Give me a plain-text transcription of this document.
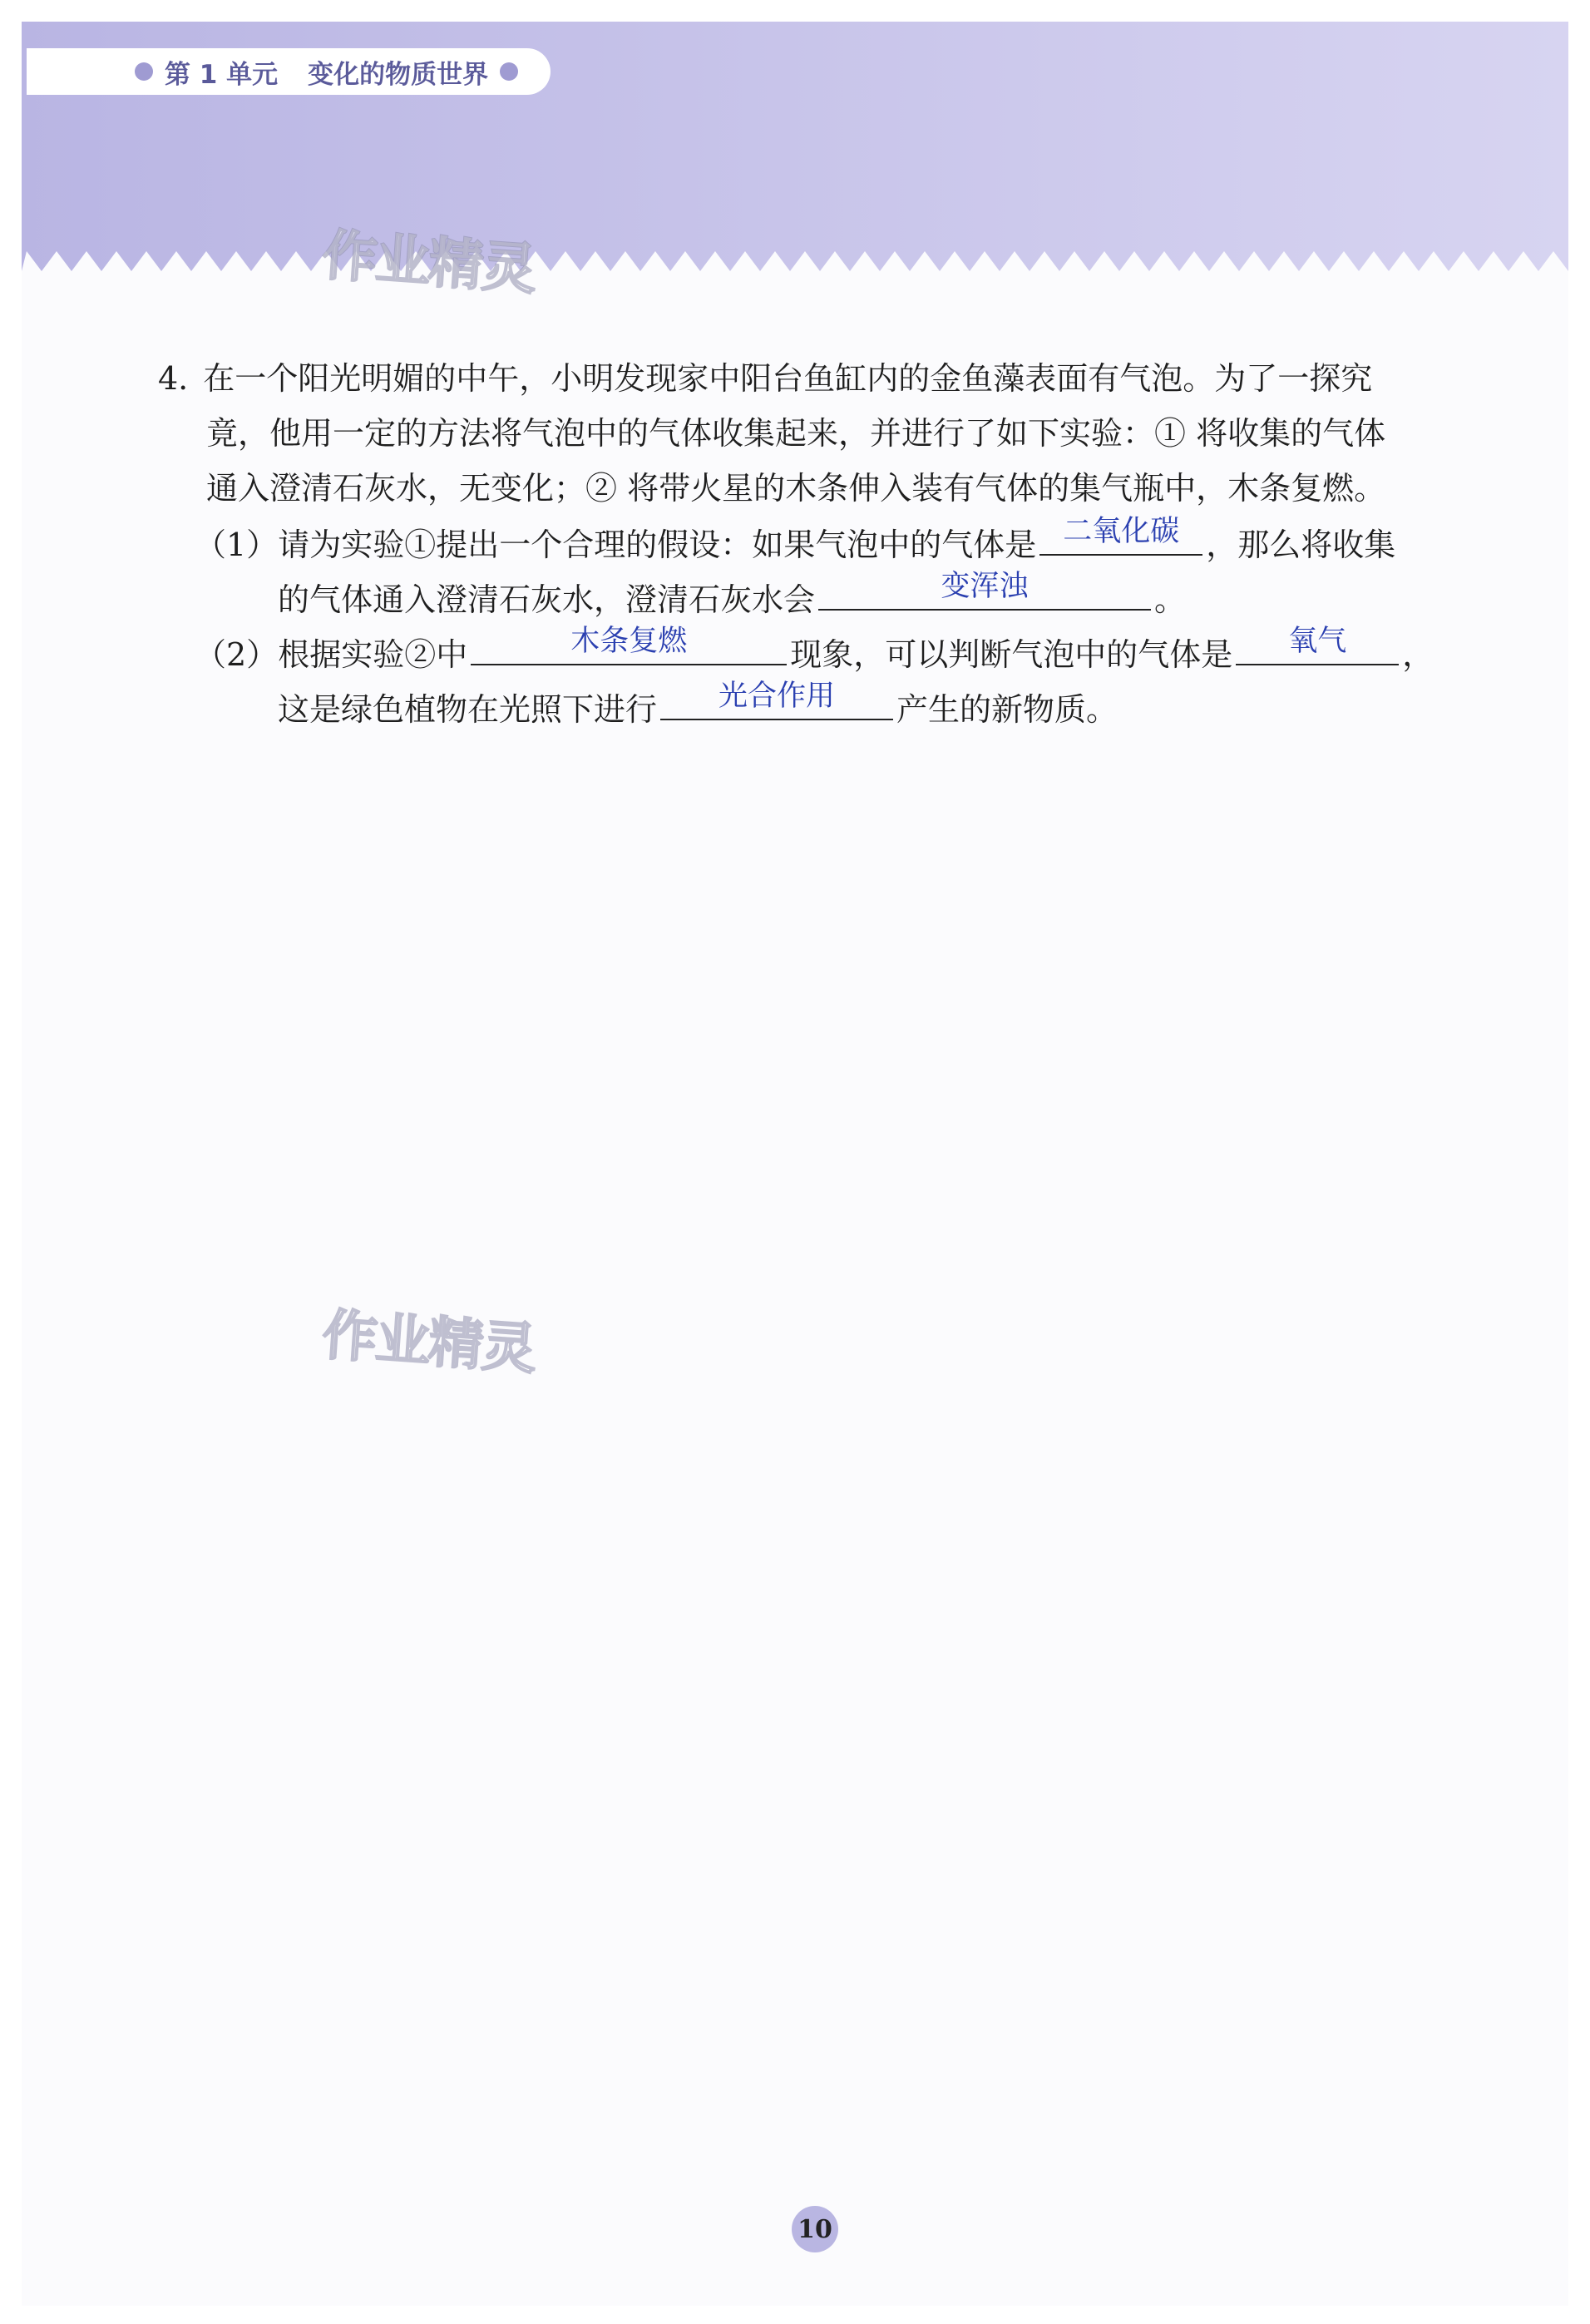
第 1 单元 变化的物质世界
作业精灵
作业精灵
4. 在一个阳光明媚的中午，小明发现家中阳台鱼缸内的金鱼藻表面有气泡。为了一探究
竟，他用一定的方法将气泡中的气体收集起来，并进行了如下实验：① 将收集的气体
通入澄清石灰水，无变化；② 将带火星的木条伸入装有气体的集气瓶中，木条复燃。
（1）请为实验①提出一个合理的假设：如果气泡中的气体是 二氧化碳 ，那么将收集
的气体通入澄清石灰水，澄清石灰水会	变浑浊	。
（2）根据实验②中	木条复燃	现象，可以判断气泡中的气体是	氧气	，
这是绿色植物在光照下进行	光合作用	产生的新物质。
10
